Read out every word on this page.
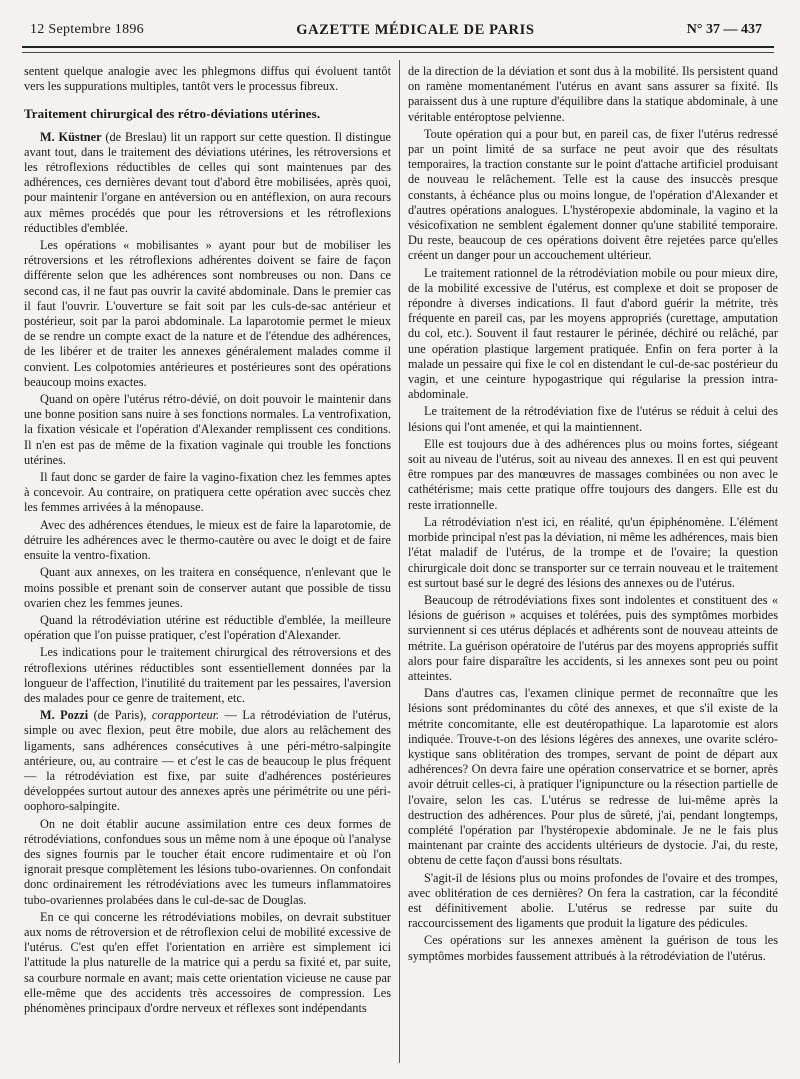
12 Septembre 1896	GAZETTE MÉDICALE DE PARIS	N° 37 — 437

sentent quelque analogie avec les phlegmons diffus qui évoluent tantôt vers les suppurations multiples, tantôt vers le processus fibreux.

Traitement chirurgical des rétro-déviations utérines.

M. Küstner (de Breslau) lit un rapport sur cette question. Il distingue avant tout, dans le traitement des déviations utérines, les rétroversions et les rétroflexions réductibles de celles qui sont maintenues par des adhérences, ces dernières devant tout d'abord être mobilisées, après quoi, pour maintenir l'organe en antéversion ou en antéflexion, on aura recours aux mêmes procédés que pour les rétroversions et les rétroflexions réductibles d'emblée.

Les opérations « mobilisantes » ayant pour but de mobiliser les rétroversions et les rétroflexions adhérentes doivent se faire de façon différente selon que les adhérences sont nombreuses ou non. Dans ce second cas, il ne faut pas ouvrir la cavité abdominale. Dans le premier cas il faut l'ouvrir. L'ouverture se fait soit par les culs-de-sac antérieur et postérieur, soit par la paroi abdominale. La laparotomie permet le mieux de se rendre un compte exact de la nature et de l'étendue des adhérences, de les libérer et de traiter les annexes généralement malades comme il convient. Les colpotomies antérieures et postérieures sont des opérations beaucoup moins exactes.

Quand on opère l'utérus rétro-dévié, on doit pouvoir le maintenir dans une bonne position sans nuire à ses fonctions normales. La ventrofixation, la fixation vésicale et l'opération d'Alexander remplissent ces conditions. Il n'en est pas de même de la fixation vaginale qui trouble les fonctions utérines.

Il faut donc se garder de faire la vagino-fixation chez les femmes aptes à concevoir. Au contraire, on pratiquera cette opération avec succès chez les femmes arrivées à la ménopause.

Avec des adhérences étendues, le mieux est de faire la laparotomie, de détruire les adhérences avec le thermo-cautère ou avec le doigt et de faire ensuite la ventro-fixation.

Quant aux annexes, on les traitera en conséquence, n'enlevant que le moins possible et prenant soin de conserver autant que possible de tissu ovarien chez les femmes jeunes.

Quand la rétrodéviation utérine est réductible d'emblée, la meilleure opération que l'on puisse pratiquer, c'est l'opération d'Alexander.

Les indications pour le traitement chirurgical des rétroversions et des rétroflexions utérines réductibles sont essentiellement données par la longueur de l'affection, l'inutilité du traitement par les pessaires, l'aversion des malades pour ce genre de traitement, etc.

M. Pozzi (de Paris), corapporteur. — La rétrodéviation de l'utérus, simple ou avec flexion, peut être mobile, due alors au relâchement des ligaments, sans adhérences consécutives à une péri-métro-salpingite antérieure, ou, au contraire — et c'est le cas de beaucoup le plus fréquent — la rétrodéviation est fixe, par suite d'adhérences postérieures développées surtout autour des annexes après une périmétrite ou une péri-oophoro-salpingite.

On ne doit établir aucune assimilation entre ces deux formes de rétrodéviations, confondues sous un même nom à une époque où l'analyse des signes fournis par le toucher était encore rudimentaire et où l'on ignorait presque complètement les lésions tubo-ovariennes. On confondait donc ordinairement les rétrodéviations avec les tumeurs inflammatoires tubo-ovariennes prolabées dans le cul-de-sac de Douglas.

En ce qui concerne les rétrodéviations mobiles, on devrait substituer aux noms de rétroversion et de rétroflexion celui de mobilité excessive de l'utérus. C'est qu'en effet l'orientation en arrière est simplement ici l'attitude la plus naturelle de la matrice qui a perdu sa fixité et, par suite, sa courbure normale en avant; mais cette orientation vicieuse ne cause par elle-même que des accidents très accessoires de compression. Les phénomènes principaux d'ordre nerveux et réflexes sont indépendants

de la direction de la déviation et sont dus à la mobilité. Ils persistent quand on ramène momentanément l'utérus en avant sans assurer sa fixité. Ils paraissent dus à une rupture d'équilibre dans la statique abdominale, à une véritable entéroptose pelvienne.

Toute opération qui a pour but, en pareil cas, de fixer l'utérus redressé par un point limité de sa surface ne peut avoir que des résultats temporaires, la traction constante sur le point d'attache artificiel produisant de nouveau le relâchement. Telle est la cause des insuccès presque constants, à échéance plus ou moins longue, de l'opération d'Alexander et d'autres opérations analogues. L'hystéropexie abdominale, la vagino et la vésicofixation ne semblent également donner qu'une stabilité temporaire. Du reste, beaucoup de ces opérations doivent être rejetées parce qu'elles créent un danger pour un accouchement ultérieur.

Le traitement rationnel de la rétrodéviation mobile ou pour mieux dire, de la mobilité excessive de l'utérus, est complexe et doit se proposer de répondre à diverses indications. Il faut d'abord guérir la métrite, très fréquente en pareil cas, par les moyens appropriés (curettage, amputation du col, etc.). Souvent il faut restaurer le périnée, déchiré ou relâché, par une opération plastique largement pratiquée. Enfin on fera porter à la malade un pessaire qui fixe le col en distendant le cul-de-sac postérieur du vagin, et une ceinture hypogastrique qui régularise la pression intra-abdominale.

Le traitement de la rétrodéviation fixe de l'utérus se réduit à celui des lésions qui l'ont amenée, et qui la maintiennent.

Elle est toujours due à des adhérences plus ou moins fortes, siégeant soit au niveau de l'utérus, soit au niveau des annexes. Il en est qui peuvent être rompues par des manœuvres de massages combinées ou non avec le cathétérisme; mais cette pratique offre toujours des dangers. Elle est du reste irrationnelle.

La rétrodéviation n'est ici, en réalité, qu'un épiphénomène. L'élément morbide principal n'est pas la déviation, ni même les adhérences, mais bien l'état maladif de l'utérus, de la trompe et de l'ovaire; la question chirurgicale doit donc se transporter sur ce terrain nouveau et le traitement est surtout basé sur le degré des lésions des annexes ou de l'utérus.

Beaucoup de rétrodéviations fixes sont indolentes et constituent des « lésions de guérison » acquises et tolérées, puis des symptômes morbides surviennent si ces utérus déplacés et adhérents sont de nouveau atteints de métrite. La guérison opératoire de l'utérus par des moyens appropriés suffit alors pour faire disparaître les accidents, si les annexes sont peu ou point atteintes.

Dans d'autres cas, l'examen clinique permet de reconnaître que les lésions sont prédominantes du côté des annexes, et que s'il existe de la métrite concomitante, elle est deutéropathique. La laparotomie est alors indiquée. Trouve-t-on des lésions légères des annexes, une ovarite scléro-kystique sans oblitération des trompes, servant de point de départ aux adhérences? On devra faire une opération conservatrice et se borner, après avoir détruit celles-ci, à pratiquer l'ignipuncture ou la résection partielle de l'ovaire, selon les cas. L'utérus se redresse de lui-même après la destruction des adhérences. Pour plus de sûreté, j'ai, pendant longtemps, complété l'opération par l'hystéropexie abdominale. Je ne le fais plus maintenant par crainte des accidents ultérieurs de dystocie. J'ai, du reste, obtenu de cette façon d'aussi bons résultats.

S'agit-il de lésions plus ou moins profondes de l'ovaire et des trompes, avec oblitération de ces dernières? On fera la castration, car la fécondité est définitivement abolie. L'utérus se redresse par suite du raccourcissement des ligaments que produit la ligature des pédicules.

Ces opérations sur les annexes amènent la guérison de tous les symptômes morbides faussement attribués à la rétrodéviation de l'utérus.
